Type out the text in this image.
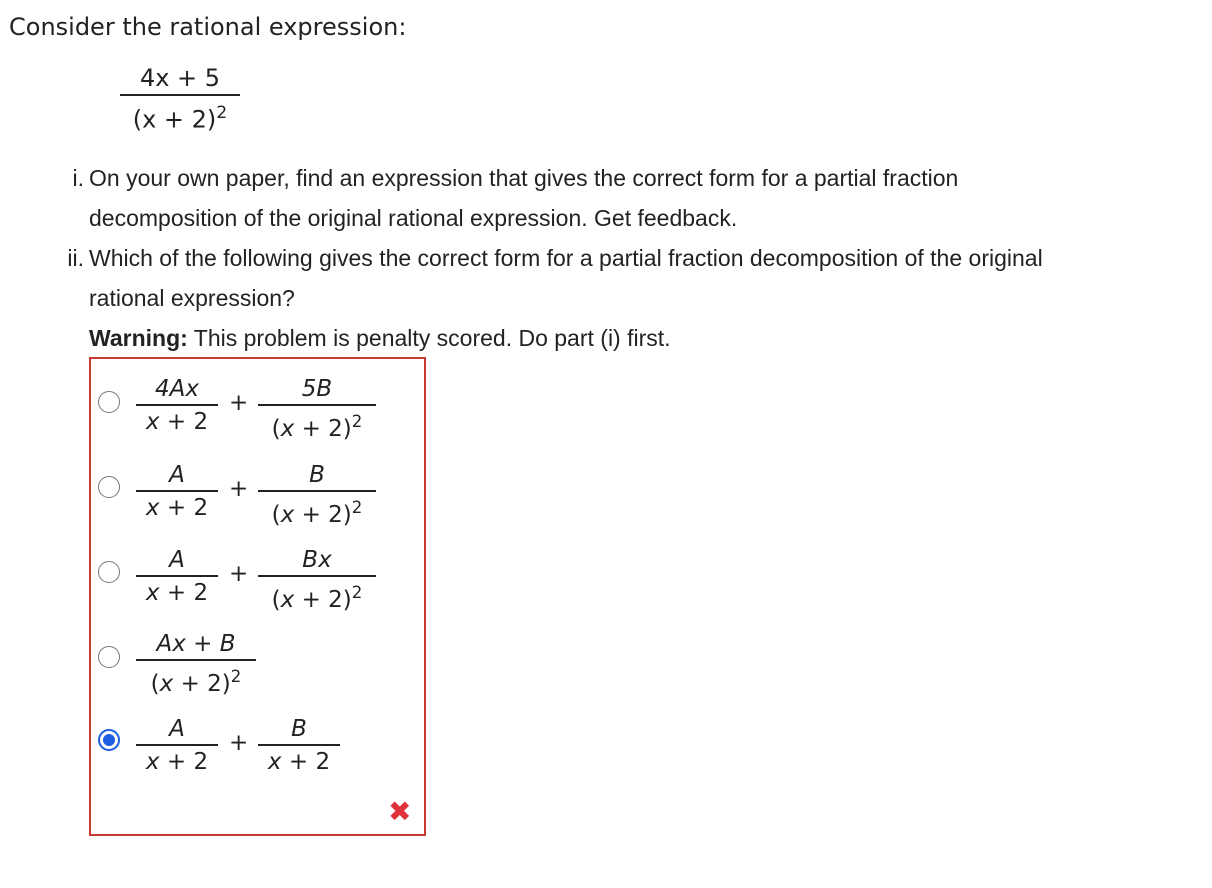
Consider the rational expression:
4x + 5
$(x + 2)^2$
i. On your own paper, find an expression that gives the correct form for a partial fraction
decomposition of the original rational expression. Get feedback.
ii. Which of the following gives the correct form for a partial fraction decomposition of the original
rational expression?
Warning: This problem is penalty scored. Do part (i) first.
4Ax
x + 2
+
5B
$(x + 2)^2$
A
x + 2
+
B
$(x + 2)^2$
A
x + 2
+
Bx
$(x + 2)^2$
Ax + B
$(x + 2)^2$
A
x + 2
+
B
x + 2
✖
